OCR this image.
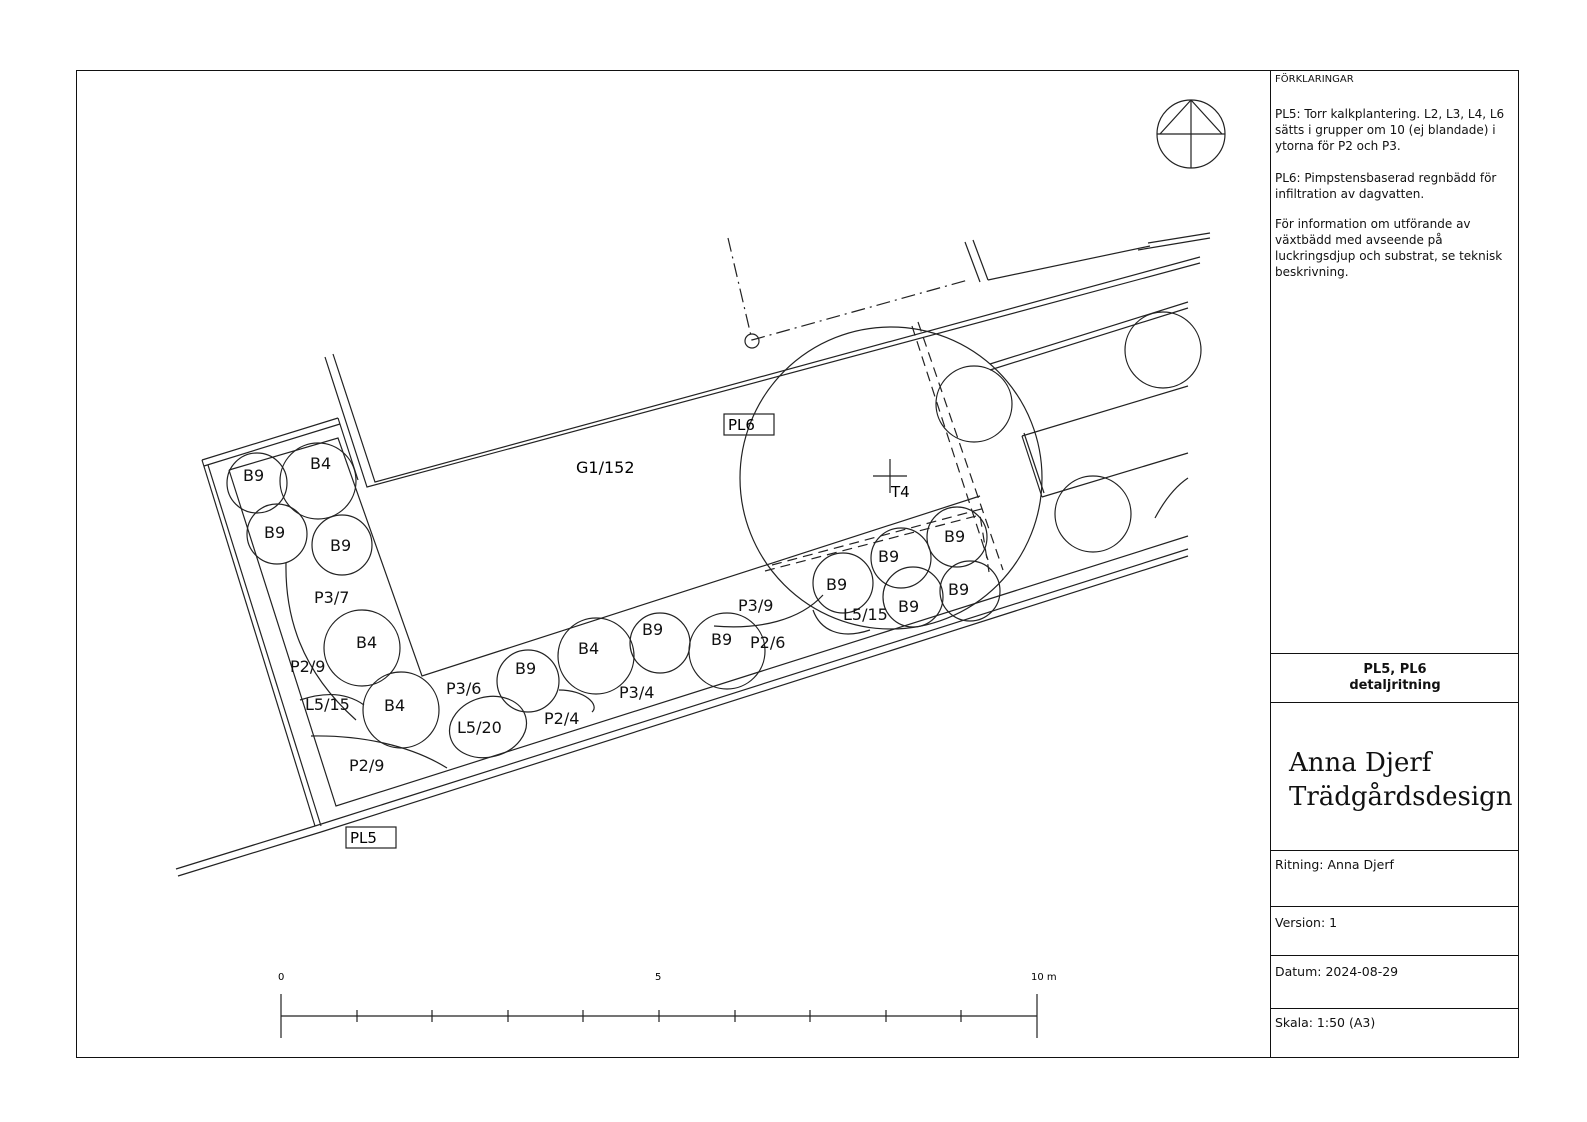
PL6
PL5
G1/152
T4
B9
B4
B9
B9
P3/7
B4
P2/9
L5/15 B4
P2/9
P3/6
B9
L5/20
B4
P2/4
P3/4
B9
B9
P3/9
P2/6
B9
L5/15
B9
B9
B9
B9
0	5	10 m
FÖRKLARINGAR
PL5: Torr kalkplantering. L2, L3, L4, L6 sätts i grupper om 10 (ej blandade) i ytorna för P2 och P3.
PL6: Pimpstensbaserad regnbädd för infiltration av dagvatten.
För information om utförande av växtbädd med avseende på luckringsdjup och substrat, se teknisk beskrivning.
PL5, PL6
detaljritning
Anna Djerf
Trädgårdsdesign
Ritning: Anna Djerf
Version: 1
Datum: 2024-08-29
Skala: 1:50 (A3)
